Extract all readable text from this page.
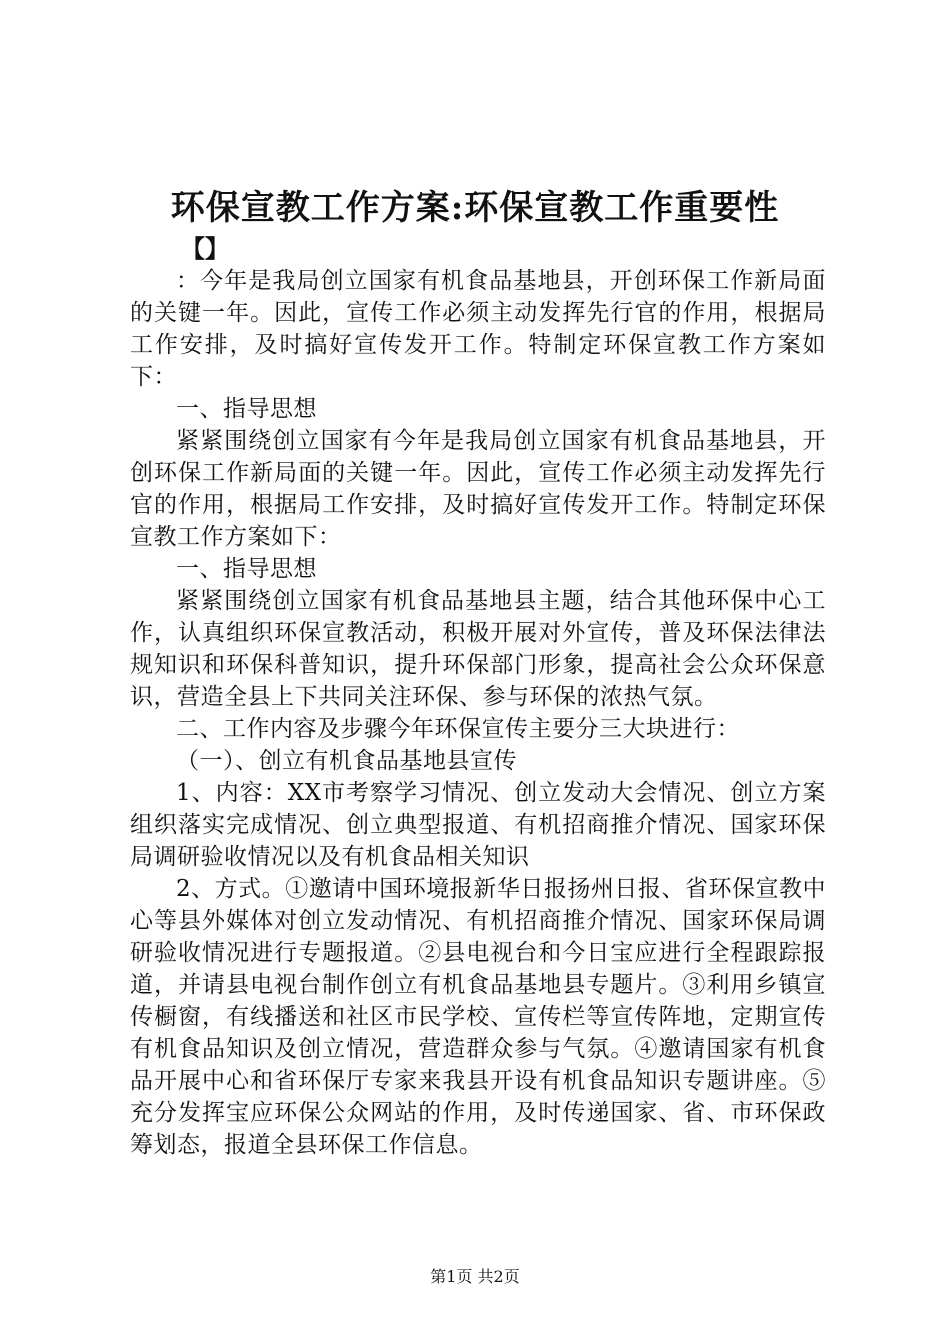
环保宣教工作方案:环保宣教工作重要性
【】

：今年是我局创立国家有机食品基地县，开创环保工作新局面的关键一年。因此，宣传工作必须主动发挥先行官的作用，根据局工作安排，及时搞好宣传发开工作。特制定环保宣教工作方案如下：

一、指导思想

紧紧围绕创立国家有今年是我局创立国家有机食品基地县，开创环保工作新局面的关键一年。因此，宣传工作必须主动发挥先行官的作用，根据局工作安排，及时搞好宣传发开工作。特制定环保宣教工作方案如下：

一、指导思想

紧紧围绕创立国家有机食品基地县主题，结合其他环保中心工作，认真组织环保宣教活动，积极开展对外宣传，普及环保法律法规知识和环保科普知识，提升环保部门形象，提高社会公众环保意识，营造全县上下共同关注环保、参与环保的浓热气氛。

二、工作内容及步骤今年环保宣传主要分三大块进行：

（一）、创立有机食品基地县宣传

1、内容：XX市考察学习情况、创立发动大会情况、创立方案组织落实完成情况、创立典型报道、有机招商推介情况、国家环保局调研验收情况以及有机食品相关知识

2、方式。①邀请中国环境报新华日报扬州日报、省环保宣教中心等县外媒体对创立发动情况、有机招商推介情况、国家环保局调研验收情况进行专题报道。②县电视台和今日宝应进行全程跟踪报道，并请县电视台制作创立有机食品基地县专题片。③利用乡镇宣传橱窗，有线播送和社区市民学校、宣传栏等宣传阵地，定期宣传有机食品知识及创立情况，营造群众参与气氛。④邀请国家有机食品开展中心和省环保厅专家来我县开设有机食品知识专题讲座。⑤充分发挥宝应环保公众网站的作用，及时传递国家、省、市环保政筹划态，报道全县环保工作信息。

第1页 共2页
